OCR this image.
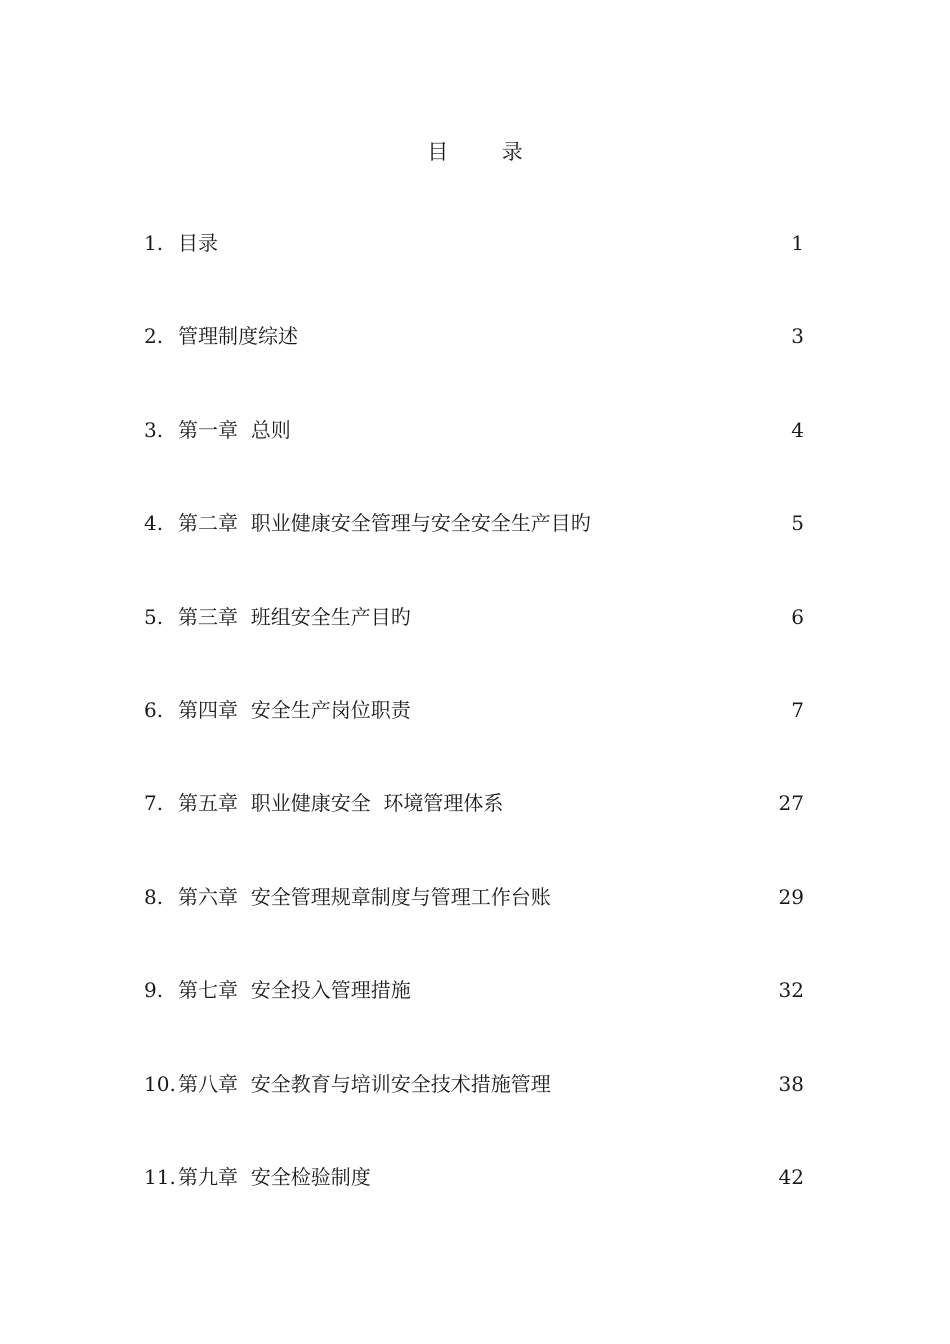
目        录
1. 目录	1
2. 管理制度综述	3
3. 第一章  总则	4
4. 第二章  职业健康安全管理与安全安全生产目旳	5
5. 第三章  班组安全生产目旳	6
6. 第四章  安全生产岗位职责	7
7. 第五章  职业健康安全  环境管理体系	27
8. 第六章  安全管理规章制度与管理工作台账	29
9. 第七章  安全投入管理措施	32
10. 第八章  安全教育与培训安全技术措施管理	38
11. 第九章  安全检验制度	42
